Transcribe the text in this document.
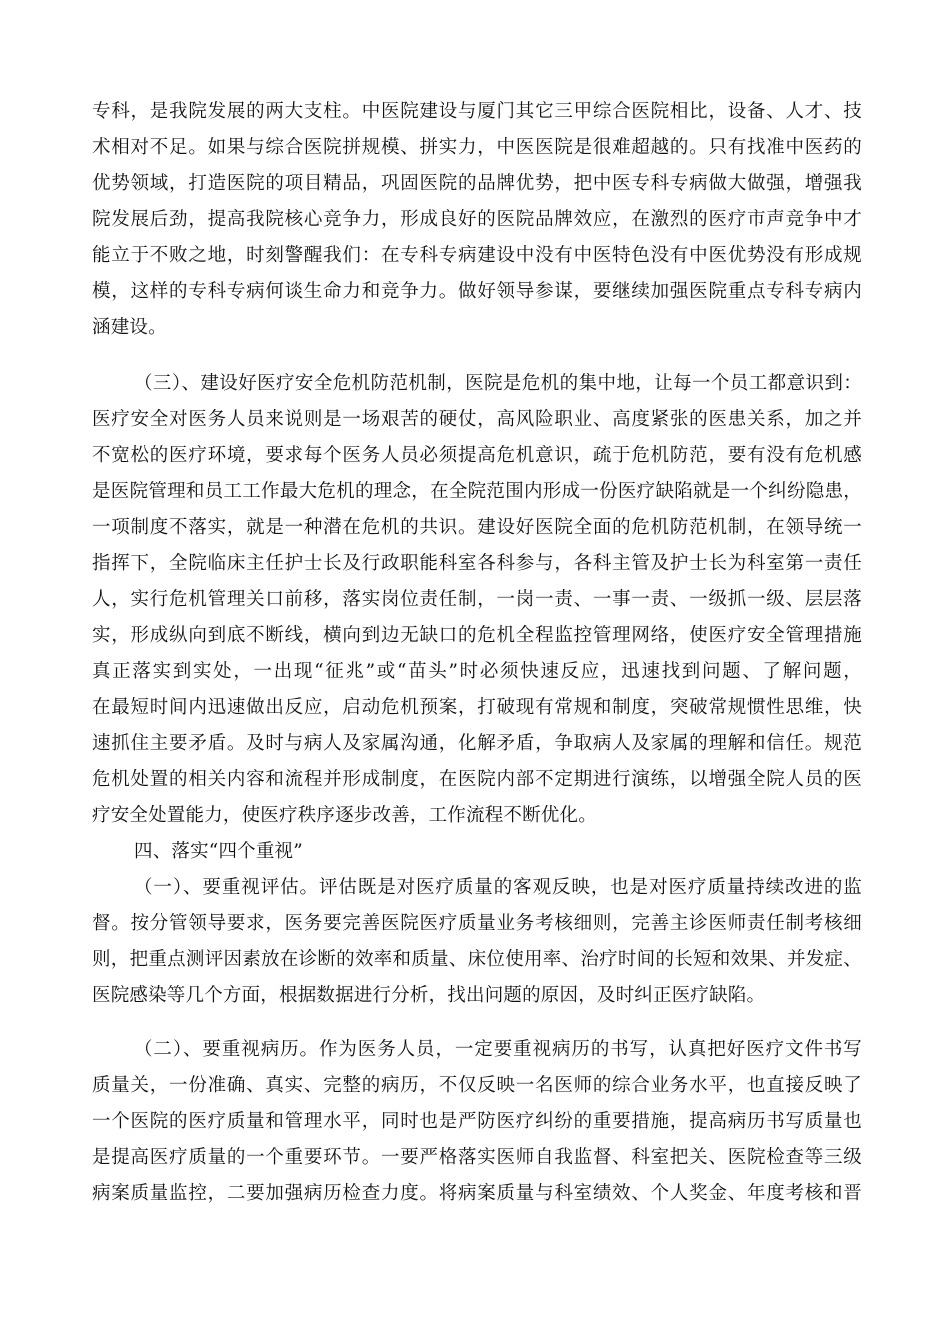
专科，是我院发展的两大支柱。中医院建设与厦门其它三甲综合医院相比，设备、人才、技
术相对不足。如果与综合医院拼规模、拼实力，中医医院是很难超越的。只有找准中医药的
优势领域，打造医院的项目精品，巩固医院的品牌优势，把中医专科专病做大做强，增强我
院发展后劲，提高我院核心竞争力，形成良好的医院品牌效应，在激烈的医疗市声竞争中才
能立于不败之地，时刻警醒我们：在专科专病建设中没有中医特色没有中医优势没有形成规
模，这样的专科专病何谈生命力和竞争力。做好领导参谋，要继续加强医院重点专科专病内
涵建设。
（三）、建设好医疗安全危机防范机制，医院是危机的集中地，让每一个员工都意识到：
医疗安全对医务人员来说则是一场艰苦的硬仗，高风险职业、高度紧张的医患关系，加之并
不宽松的医疗环境，要求每个医务人员必须提高危机意识，疏于危机防范，要有没有危机感
是医院管理和员工工作最大危机的理念，在全院范围内形成一份医疗缺陷就是一个纠纷隐患，
一项制度不落实，就是一种潜在危机的共识。建设好医院全面的危机防范机制，在领导统一
指挥下，全院临床主任护士长及行政职能科室各科参与，各科主管及护士长为科室第一责任
人，实行危机管理关口前移，落实岗位责任制，一岗一责、一事一责、一级抓一级、层层落
实，形成纵向到底不断线，横向到边无缺口的危机全程监控管理网络，使医疗安全管理措施
真正落实到实处，一出现“征兆”或“苗头”时必须快速反应，迅速找到问题、了解问题，
在最短时间内迅速做出反应，启动危机预案，打破现有常规和制度，突破常规惯性思维，快
速抓住主要矛盾。及时与病人及家属沟通，化解矛盾，争取病人及家属的理解和信任。规范
危机处置的相关内容和流程并形成制度，在医院内部不定期进行演练，以增强全院人员的医
疗安全处置能力，使医疗秩序逐步改善，工作流程不断优化。
四、落实“四个重视”
（一）、要重视评估。评估既是对医疗质量的客观反映，也是对医疗质量持续改进的监
督。按分管领导要求，医务要完善医院医疗质量业务考核细则，完善主诊医师责任制考核细
则，把重点测评因素放在诊断的效率和质量、床位使用率、治疗时间的长短和效果、并发症、
医院感染等几个方面，根据数据进行分析，找出问题的原因，及时纠正医疗缺陷。
（二）、要重视病历。作为医务人员，一定要重视病历的书写，认真把好医疗文件书写
质量关，一份准确、真实、完整的病历，不仅反映一名医师的综合业务水平，也直接反映了
一个医院的医疗质量和管理水平，同时也是严防医疗纠纷的重要措施，提高病历书写质量也
是提高医疗质量的一个重要环节。一要严格落实医师自我监督、科室把关、医院检查等三级
病案质量监控，二要加强病历检查力度。将病案质量与科室绩效、个人奖金、年度考核和晋
